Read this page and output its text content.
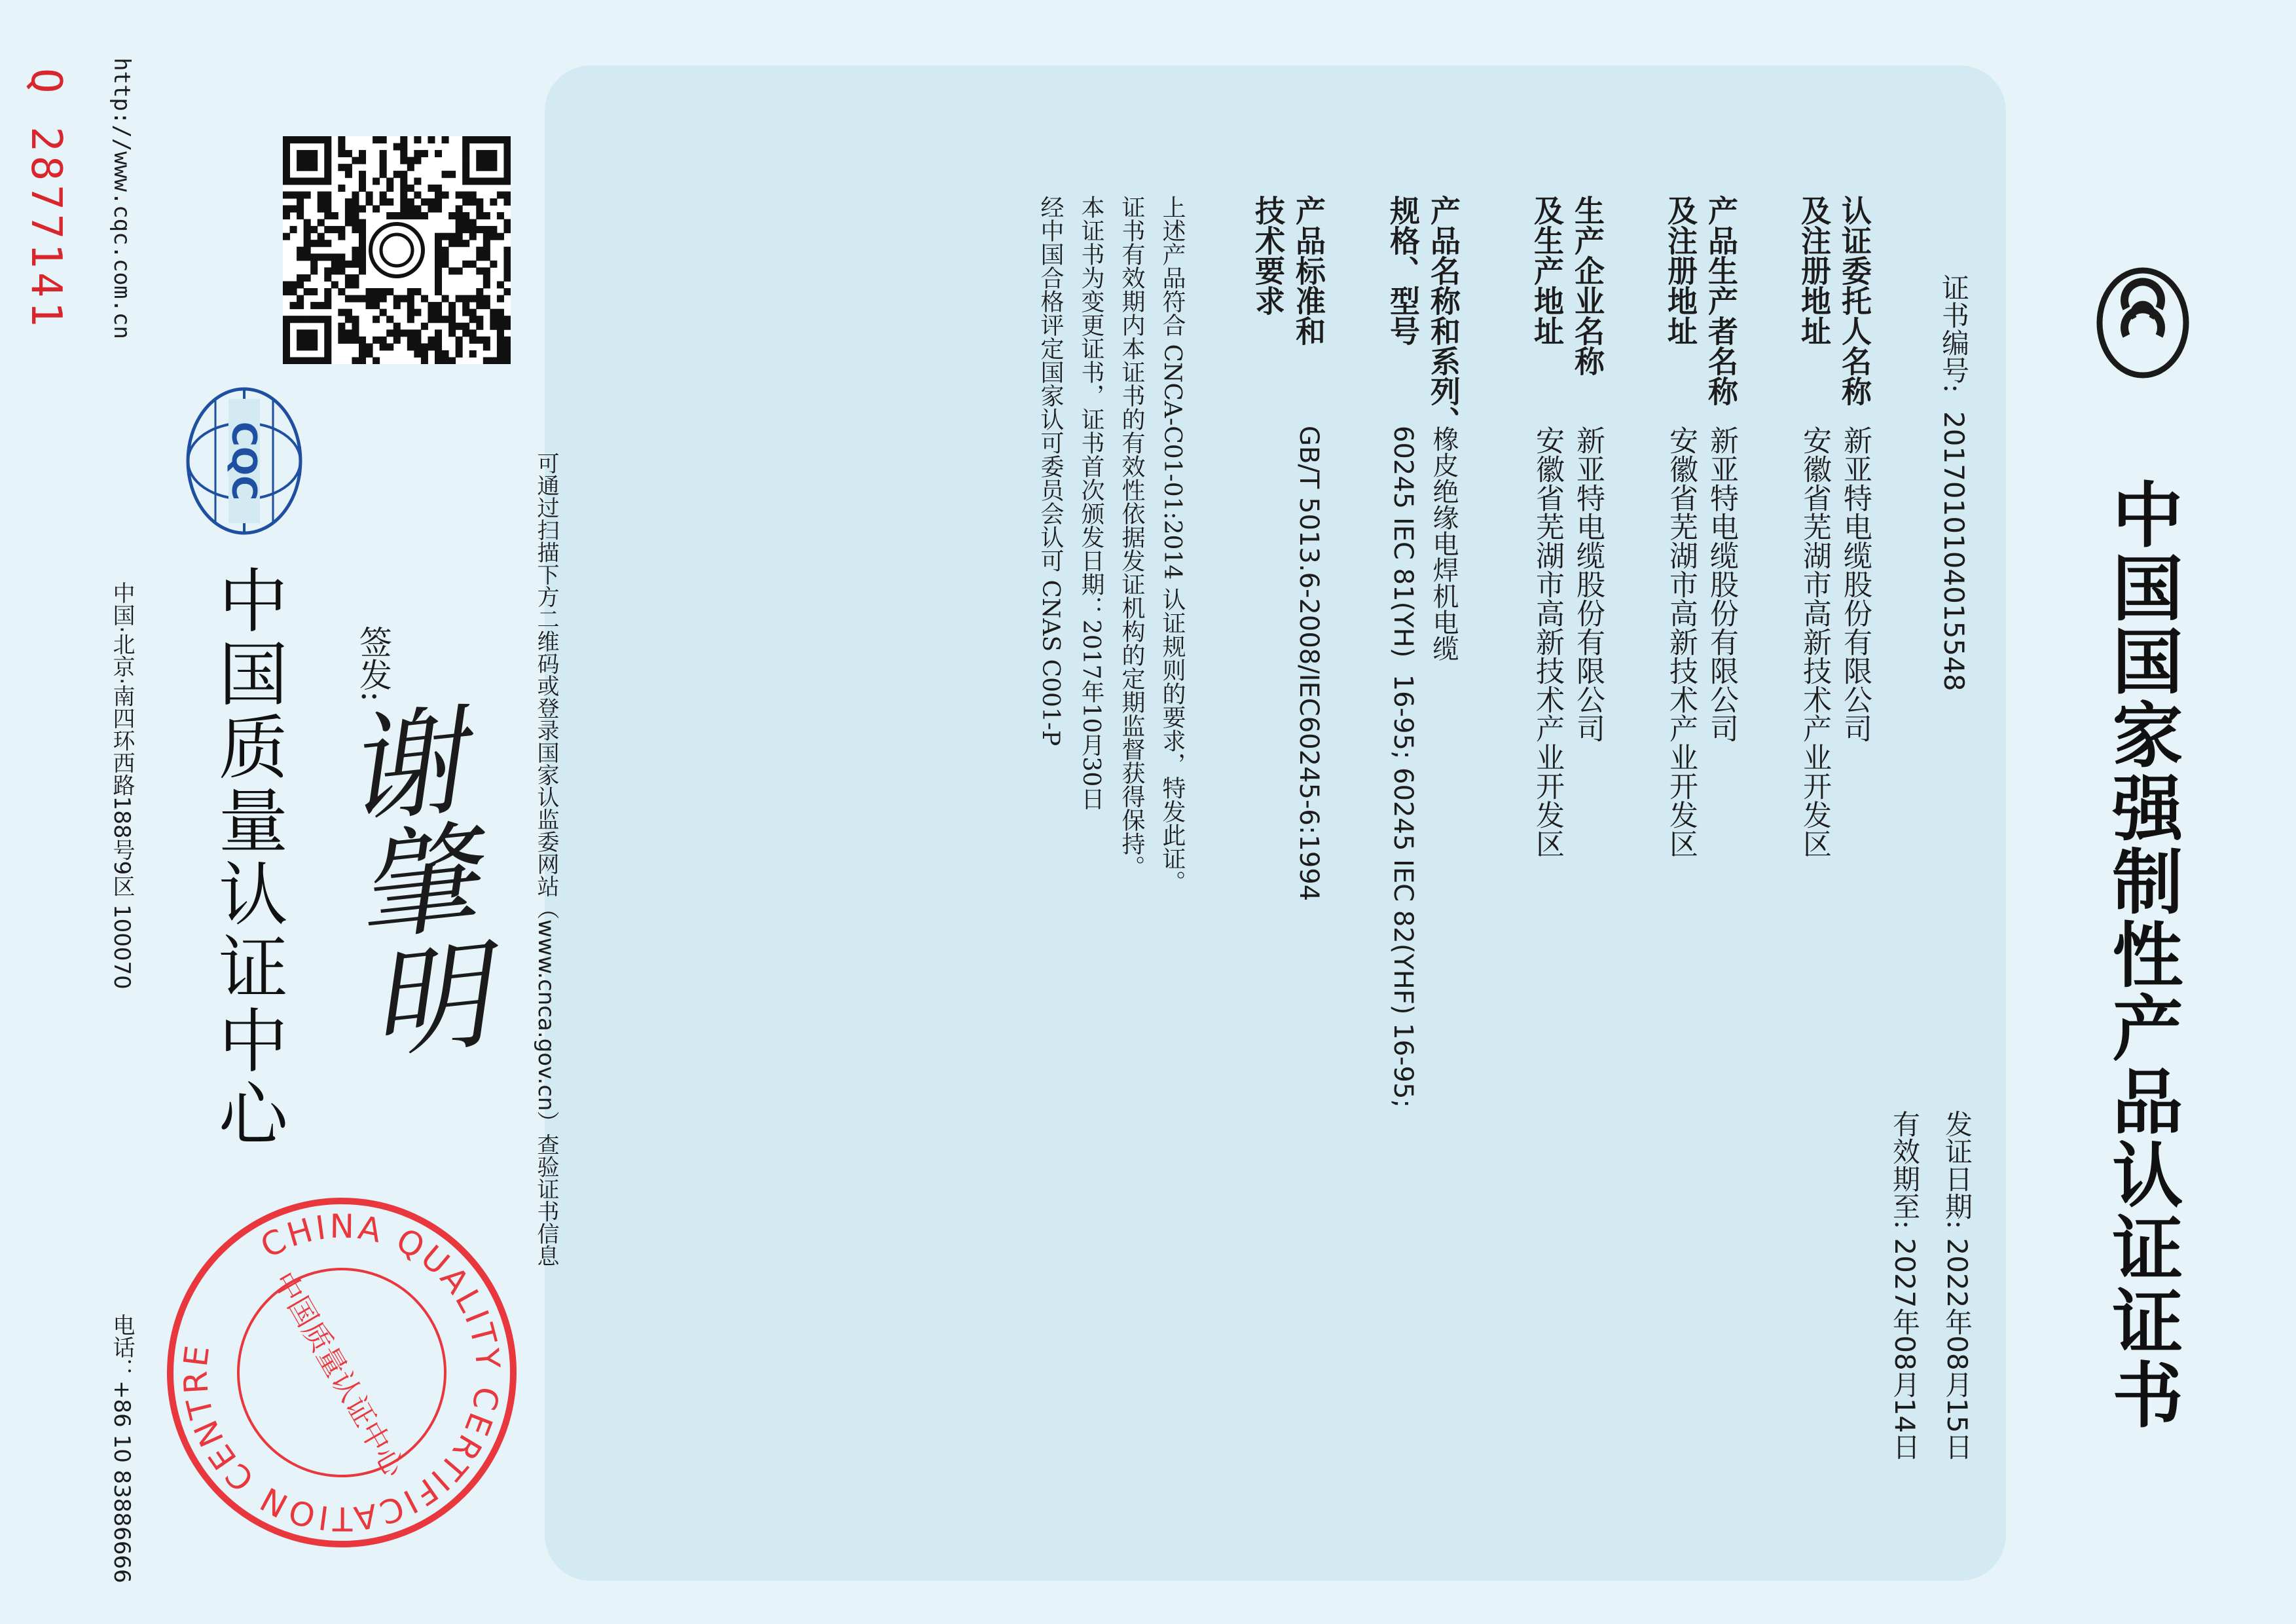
中国国家强制性产品认证证书
证书编号: 2017010104015548
发证日期: 2022年08月15日
有效期至: 2027年08月14日
认证委托人名称
及注册地址
产品生产者名称
及注册地址
生产企业名称
及生产地址
产品名称和系列、
规格、型号
产品标准和
技术要求
新亚特电缆股份有限公司
安徽省芜湖市高新技术产业开发区
新亚特电缆股份有限公司
安徽省芜湖市高新技术产业开发区
新亚特电缆股份有限公司
安徽省芜湖市高新技术产业开发区
橡皮绝缘电焊机电缆
60245 IEC 81(YH)  16-95; 60245 IEC 82(YHF) 16-95;
GB/T 5013.6-2008/IEC60245-6:1994
上述产品符合 CNCA-C01-01:2014 认证规则的要求，特发此证。
证书有效期内本证书的有效性依据发证机构的定期监督获得保持。
本证书为变更证书，证书首次颁发日期：2017年10月30日
经中国合格评定国家认可委员会认可 CNAS C001-P
可通过扫描下方二维码或登录国家认监委网站（www.cnca.gov.cn）查验证书信息
CQC
中国质量认证中心 签发:
谢肇明
中国·北京·南四环西路188号9区 100070
电话：+86 10 83886666
http://www.cqc.com.cn
Q 2877141
CHINA QUALITY CERTIFICATION CENTRE	中国质量认证中心
